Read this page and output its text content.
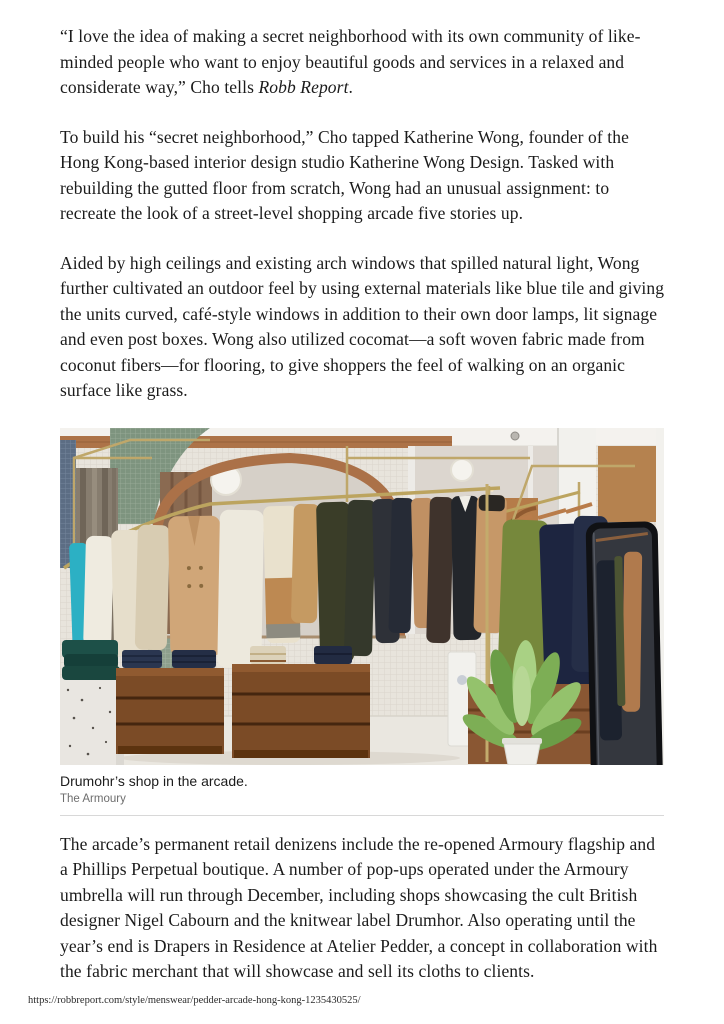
“I love the idea of making a secret neighborhood with its own community of like-minded people who want to enjoy beautiful goods and services in a relaxed and considerate way,” Cho tells Robb Report.

To build his “secret neighborhood,” Cho tapped Katherine Wong, founder of the Hong Kong-based interior design studio Katherine Wong Design. Tasked with rebuilding the gutted floor from scratch, Wong had an unusual assignment: to recreate the look of a street-level shopping arcade five stories up.

Aided by high ceilings and existing arch windows that spilled natural light, Wong further cultivated an outdoor feel by using external materials like blue tile and giving the units curved, café-style windows in addition to their own door lamps, lit signage and even post boxes. Wong also utilized cocomat—a soft woven fabric made from coconut fibers—for flooring, to give shoppers the feel of walking on an organic surface like grass.

Drumohr’s shop in the arcade.
The Armoury

The arcade’s permanent retail denizens include the re-opened Armoury flagship and a Phillips Perpetual boutique. A number of pop-ups operated under the Armoury umbrella will run through December, including shops showcasing the cult British designer Nigel Cabourn and the knitwear label Drumhor. Also operating until the year’s end is Drapers in Residence at Atelier Pedder, a concept in collaboration with the fabric merchant that will showcase and sell its cloths to clients.

https://robbreport.com/style/menswear/pedder-arcade-hong-kong-1235430525/
